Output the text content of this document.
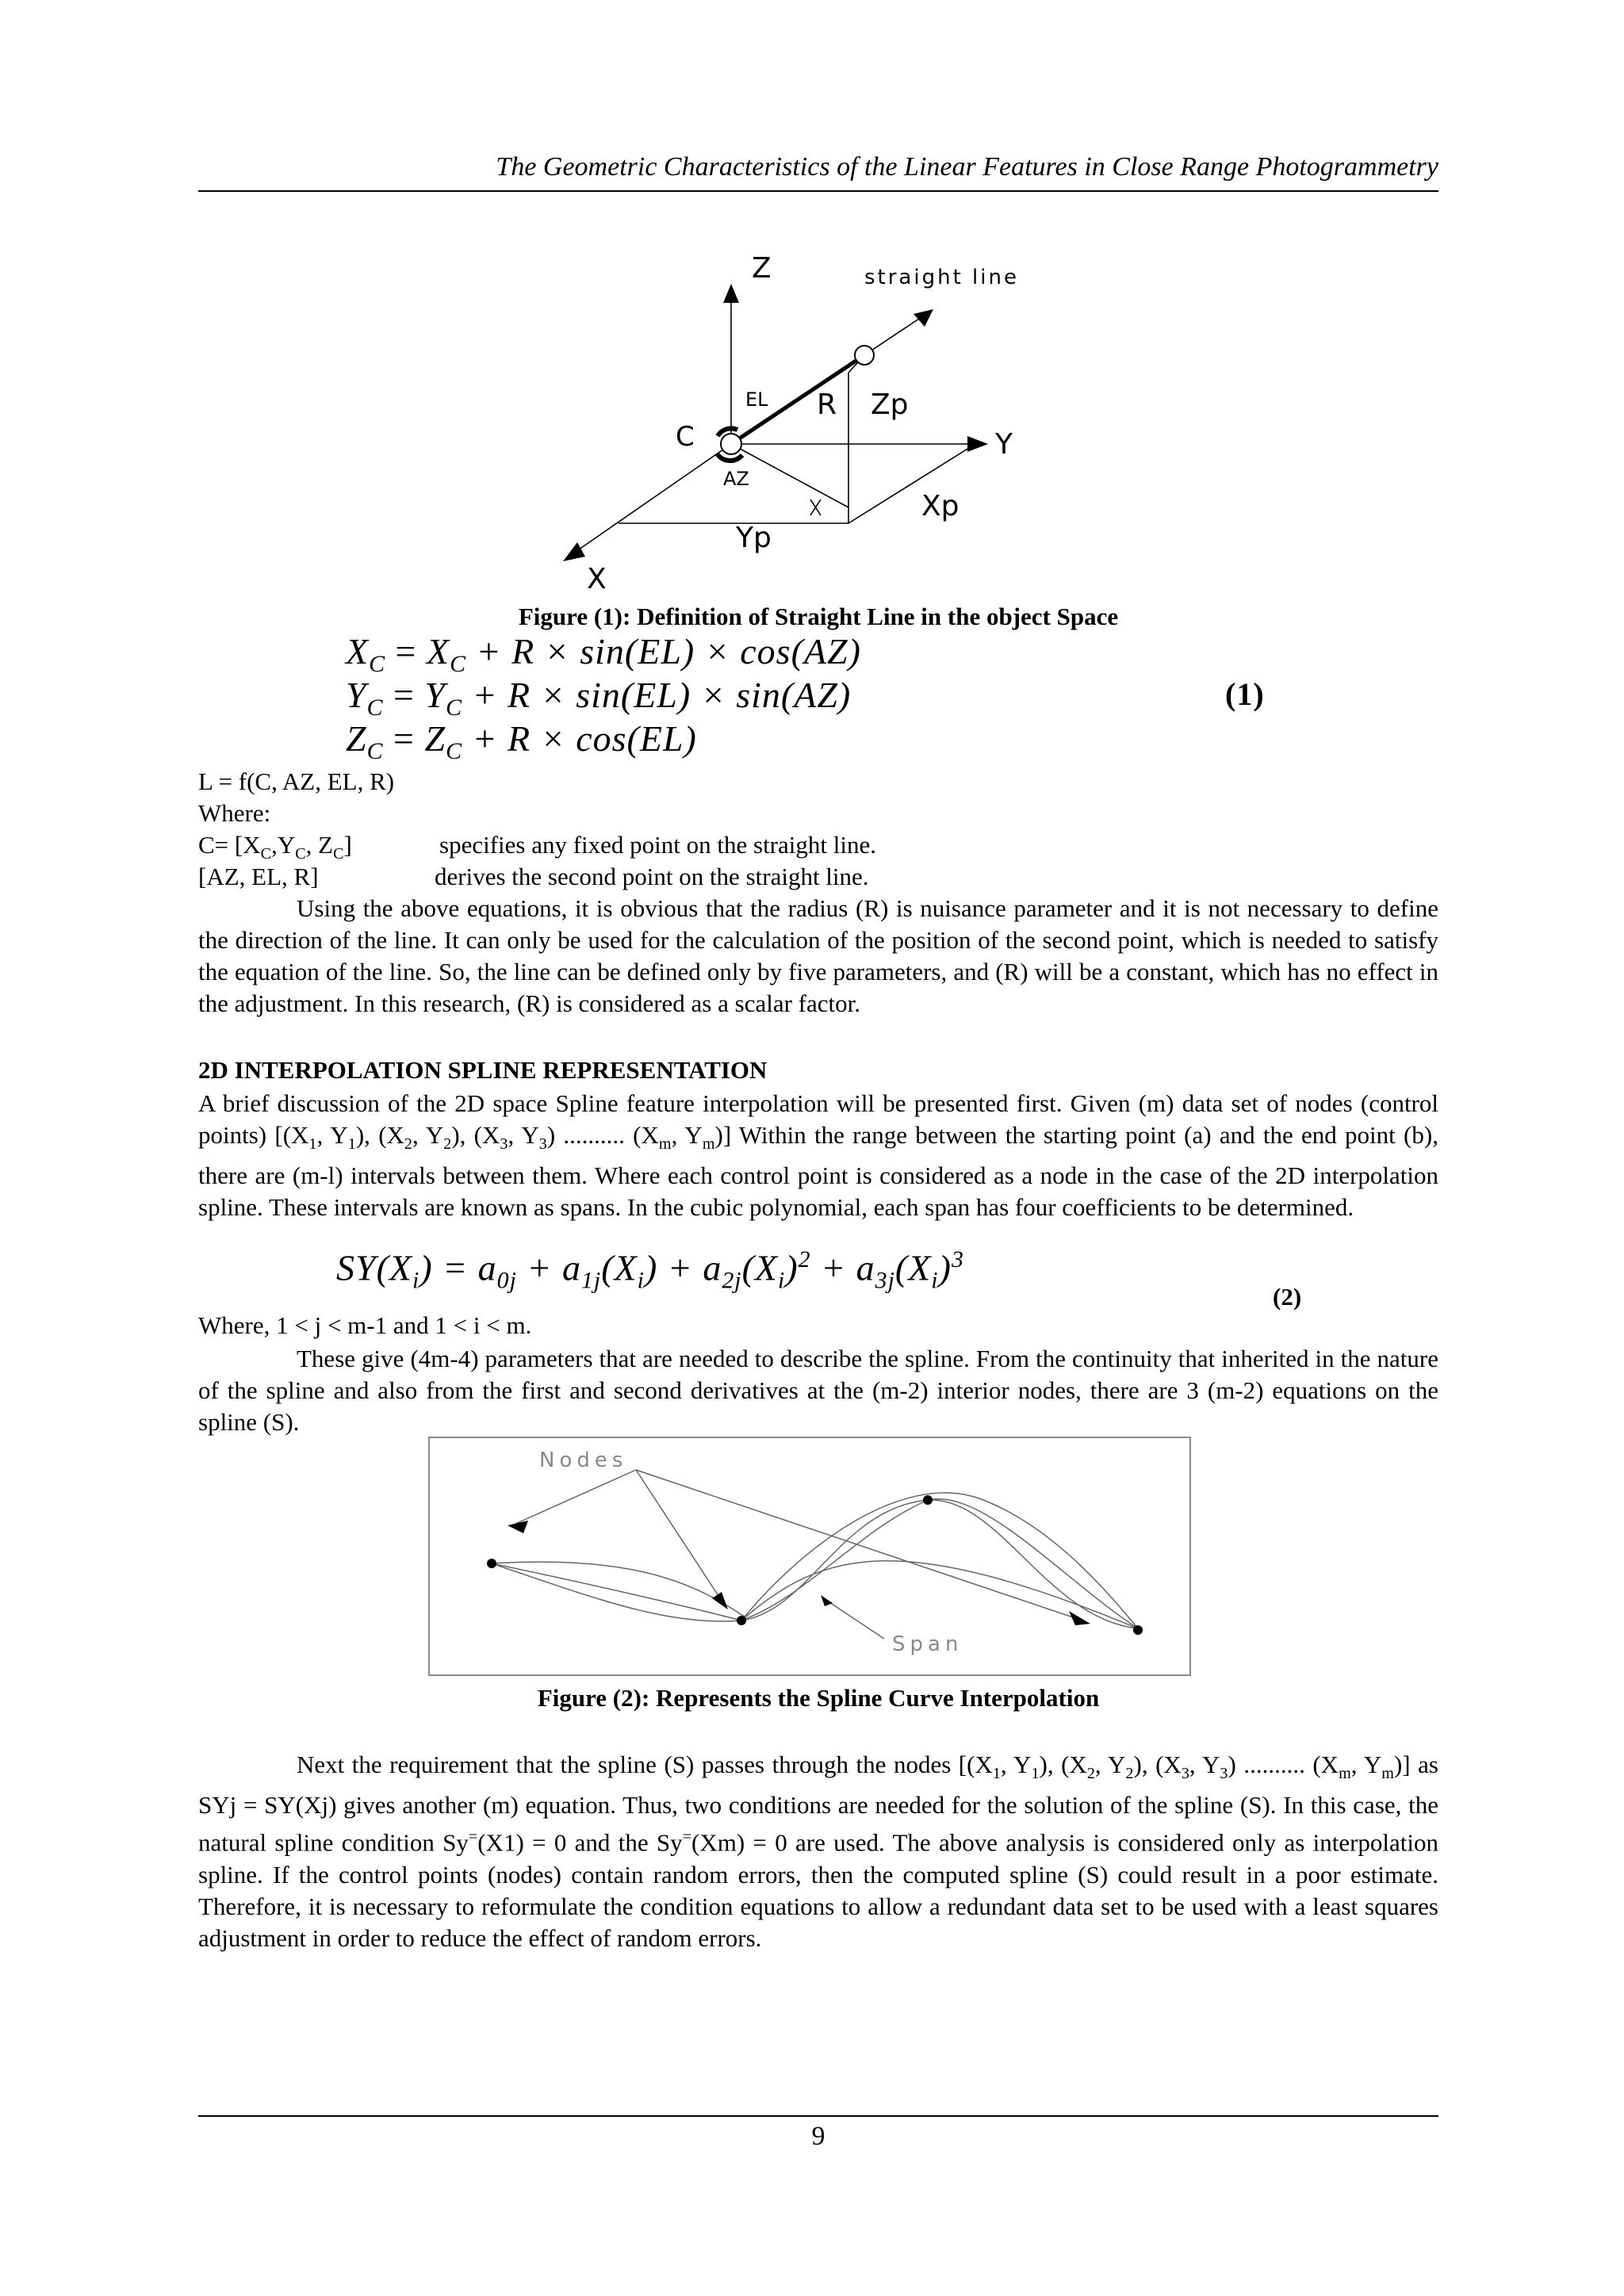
The Geometric Characteristics of the Linear Features in Close Range Photogrammetry
Z	straight line
Y
X
C
EL
AZ
R Zp
Xp
Yp
Figure (1): Definition of Straight Line in the object Space
$X_C = X_C + R \times \sin(EL) \times \cos(AZ)$
$Y_C = Y_C + R \times \sin(EL) \times \sin(AZ)$	(1)
$Z_C = Z_C + R \times \cos(EL)$
L = f(C, AZ, EL, R)
Where:
$C= [X_C,Y_C$, $Z_C$]	specifies any fixed point on the straight line.
[AZ, EL, R]	derives the second point on the straight line.
Using the above equations, it is obvious that the radius (R) is nuisance parameter and it is not necessary to define the direction of the line. It can only be used for the calculation of the position of the second point, which is needed to satisfy the equation of the line. So, the line can be defined only by five parameters, and (R) will be a constant, which has no effect in the adjustment. In this research, (R) is considered as a scalar factor.
2D INTERPOLATION SPLINE REPRESENTATION
A brief discussion of the 2D space Spline feature interpolation will be presented first. Given (m) data set of nodes (control points) [($X_1$, $Y_1$), ($X_2$, $Y_2$), ($X_3$, $Y_3$) .......... ($X_m$, $Y_m$)] Within the range between the starting point (a) and the end point (b), there are (m-l) intervals between them. Where each control point is considered as a node in the case of the 2D interpolation spline. These intervals are known as spans. In the cubic polynomial, each span has four coefficients to be determined.
$SY(X_i) = a_{0j} + a_{1j}(X_i) + a_{2j}(X_i)^2 + a_{3j}(X_i)^3$
(2)
Where, 1 < j < m-1 and 1 < i < m.
These give (4m-4) parameters that are needed to describe the spline. From the continuity that inherited in the nature of the spline and also from the first and second derivatives at the (m-2) interior nodes, there are 3 (m-2) equations on the spline (S).
Nodes
Span
Figure (2): Represents the Spline Curve Interpolation
Next the requirement that the spline (S) passes through the nodes [($X_1$, $Y_1$), ($X_2$, $Y_2$), ($X_3$, $Y_3$) .......... ($X_m$, $Y_m$)] as SYj = SY(Xj) gives another (m) equation. Thus, two conditions are needed for the solution of the spline (S). In this case, the natural spline condition Sy=(X1) = 0 and the Sy=(Xm) = 0 are used. The above analysis is considered only as interpolation spline. If the control points (nodes) contain random errors, then the computed spline (S) could result in a poor estimate. Therefore, it is necessary to reformulate the condition equations to allow a redundant data set to be used with a least squares adjustment in order to reduce the effect of random errors.
9
